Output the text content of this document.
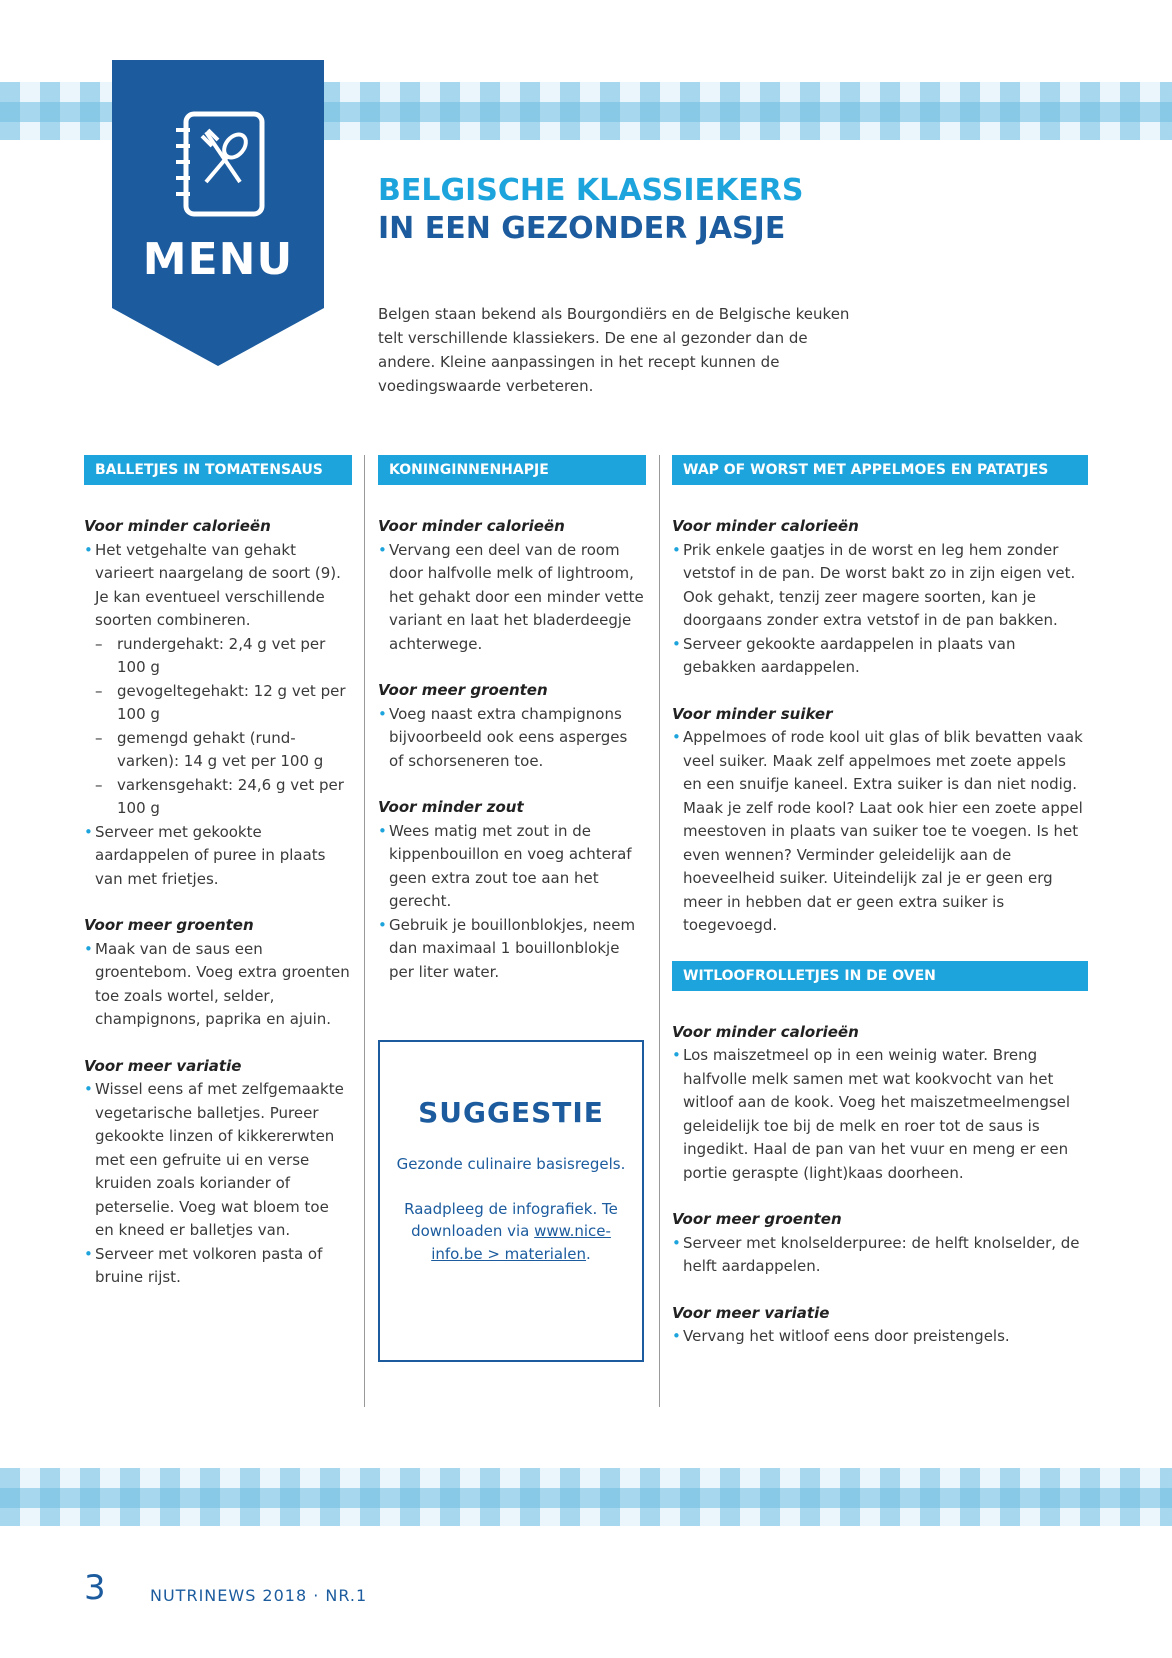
MENU
BELGISCHE KLASSIEKERS
IN EEN GEZONDER JASJE
Belgen staan bekend als Bourgondiërs en de Belgische keuken telt verschillende klassiekers. De ene al gezonder dan de andere. Kleine aanpassingen in het recept kunnen de voedingswaarde verbeteren.
BALLETJES IN TOMATENSAUS
Voor minder calorieën
• Het vetgehalte van gehakt varieert naargelang de soort (9). Je kan eventueel verschillende soorten combineren.
– rundergehakt: 2,4 g vet per 100 g
– gevogeltegehakt: 12 g vet per 100 g
– gemengd gehakt (rund-varken): 14 g vet per 100 g
– varkensgehakt: 24,6 g vet per 100 g
• Serveer met gekookte aardappelen of puree in plaats van met frietjes.
Voor meer groenten
• Maak van de saus een groentebom. Voeg extra groenten toe zoals wortel, selder, champignons, paprika en ajuin.
Voor meer variatie
• Wissel eens af met zelfgemaakte vegetarische balletjes. Pureer gekookte linzen of kikkererwten met een gefruite ui en verse kruiden zoals koriander of peterselie. Voeg wat bloem toe en kneed er balletjes van.
• Serveer met volkoren pasta of bruine rijst.
KONINGINNENHAPJE
Voor minder calorieën
• Vervang een deel van de room door halfvolle melk of lightroom, het gehakt door een minder vette variant en laat het bladerdeegje achterwege.
Voor meer groenten
• Voeg naast extra champignons bijvoorbeeld ook eens asperges of schorseneren toe.
Voor minder zout
• Wees matig met zout in de kippenbouillon en voeg achteraf geen extra zout toe aan het gerecht.
• Gebruik je bouillonblokjes, neem dan maximaal 1 bouillonblokje per liter water.
SUGGESTIE

Gezonde culinaire basisregels.

Raadpleeg de infografiek. Te downloaden via www.nice-info.be > materialen.

WAP OF WORST MET APPELMOES EN PATATJES
Voor minder calorieën
• Prik enkele gaatjes in de worst en leg hem zonder vetstof in de pan. De worst bakt zo in zijn eigen vet. Ook gehakt, tenzij zeer magere soorten, kan je doorgaans zonder extra vetstof in de pan bakken.
• Serveer gekookte aardappelen in plaats van gebakken aardappelen.
Voor minder suiker
• Appelmoes of rode kool uit glas of blik bevatten vaak veel suiker. Maak zelf appelmoes met zoete appels en een snuifje kaneel. Extra suiker is dan niet nodig. Maak je zelf rode kool? Laat ook hier een zoete appel meestoven in plaats van suiker toe te voegen. Is het even wennen? Verminder geleidelijk aan de hoeveelheid suiker. Uiteindelijk zal je er geen erg meer in hebben dat er geen extra suiker is toegevoegd.
WITLOOFROLLETJES IN DE OVEN
Voor minder calorieën
• Los maiszetmeel op in een weinig water. Breng halfvolle melk samen met wat kookvocht van het witloof aan de kook. Voeg het maiszetmeelmengsel geleidelijk toe bij de melk en roer tot de saus is ingedikt. Haal de pan van het vuur en meng er een portie geraspte (light)kaas doorheen.
Voor meer groenten
• Serveer met knolselderpuree: de helft knolselder, de helft aardappelen.
Voor meer variatie
• Vervang het witloof eens door preistengels.
3	NUTRINEWS 2018 · NR.1
